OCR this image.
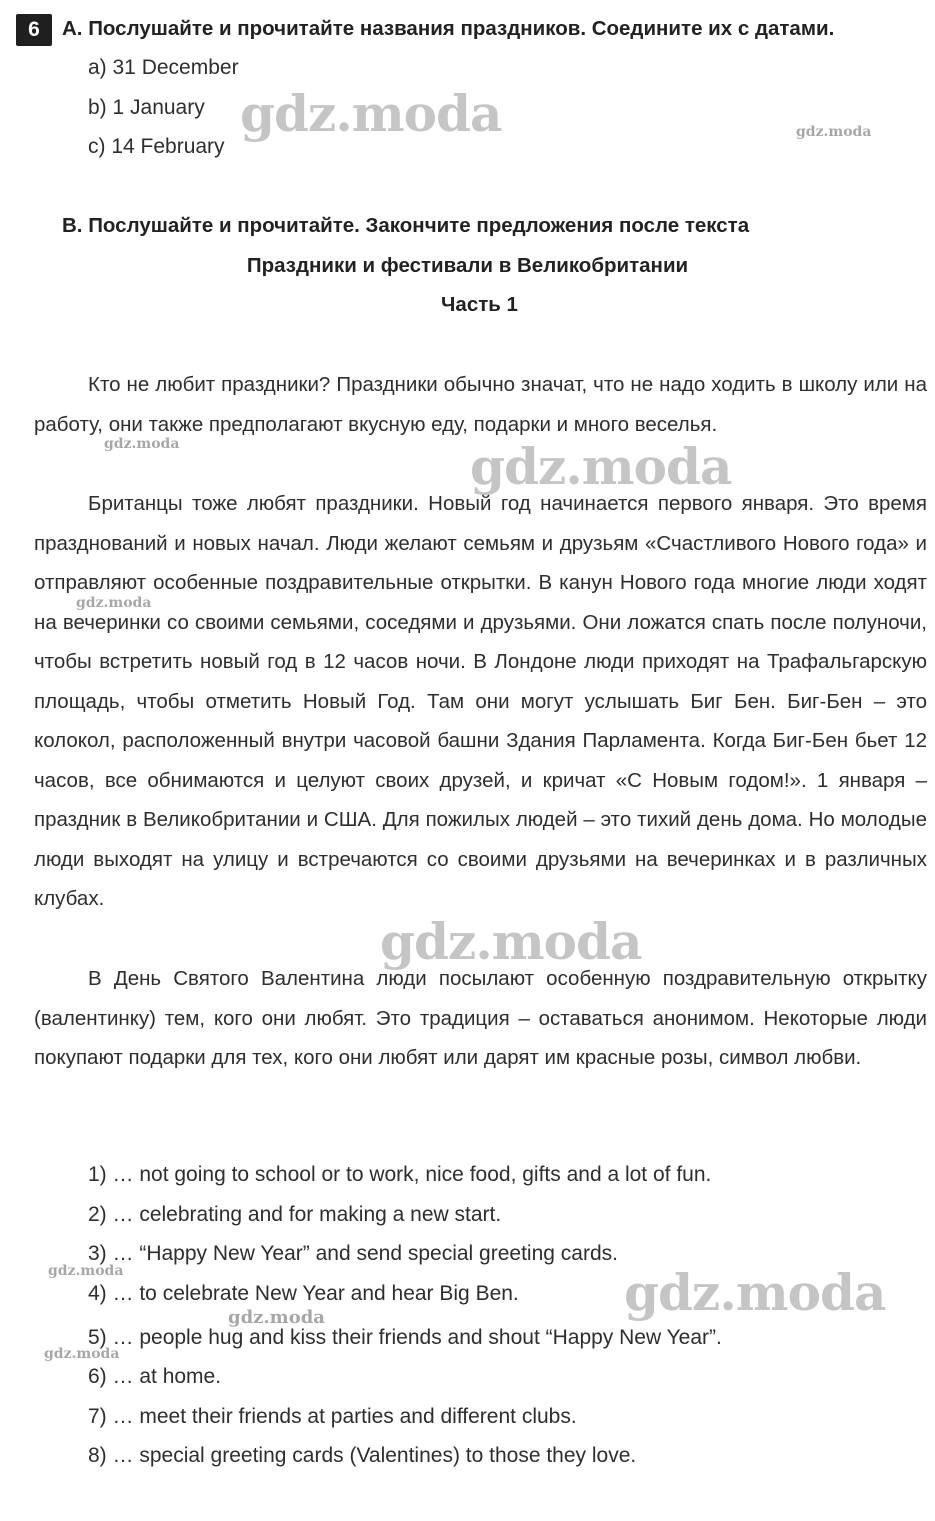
6	A. Послушайте и прочитайте названия праздников. Соедините их с датами.
a) 31 December
b) 1 January
c) 14 February
B. Послушайте и прочитайте. Закончите предложения после текста
Праздники и фестивали в Великобритании
Часть 1

Кто не любит праздники? Праздники обычно значат, что не надо ходить в школу или на работу, они также предполагают вкусную еду, подарки и много веселья.

Британцы тоже любят праздники. Новый год начинается первого января. Это время празднований и новых начал. Люди желают семьям и друзьям «Счастливого Нового года» и отправляют особенные поздравительные открытки. В канун Нового года многие люди ходят на вечеринки со своими семьями, соседями и друзьями. Они ложатся спать после полуночи, чтобы встретить новый год в 12 часов ночи. В Лондоне люди приходят на Трафальгарскую площадь, чтобы отметить Новый Год. Там они могут услышать Биг Бен. Биг-Бен – это колокол, расположенный внутри часовой башни Здания Парламента. Когда Биг-Бен бьет 12 часов, все обнимаются и целуют своих друзей, и кричат «С Новым годом!». 1 января – праздник в Великобритании и США. Для пожилых людей – это тихий день дома. Но молодые люди выходят на улицу и встречаются со своими друзьями на вечеринках и в различных клубах.

В День Святого Валентина люди посылают особенную поздравительную открытку (валентинку) тем, кого они любят. Это традиция – оставаться анонимом. Некоторые люди покупают подарки для тех, кого они любят или дарят им красные розы, символ любви.

1) … not going to school or to work, nice food, gifts and a lot of fun.
2) … celebrating and for making a new start.
3) … “Happy New Year” and send special greeting cards.
4) … to celebrate New Year and hear Big Ben.
5) … people hug and kiss their friends and shout “Happy New Year”.
6) … at home.
7) … meet their friends at parties and different clubs.
8) … special greeting cards (Valentines) to those they love.
gdz.moda	gdz.moda
gdz.moda	gdz.moda
gdz.moda
gdz.moda
gdz.moda	gdz.moda
gdz.moda
gdz.moda
